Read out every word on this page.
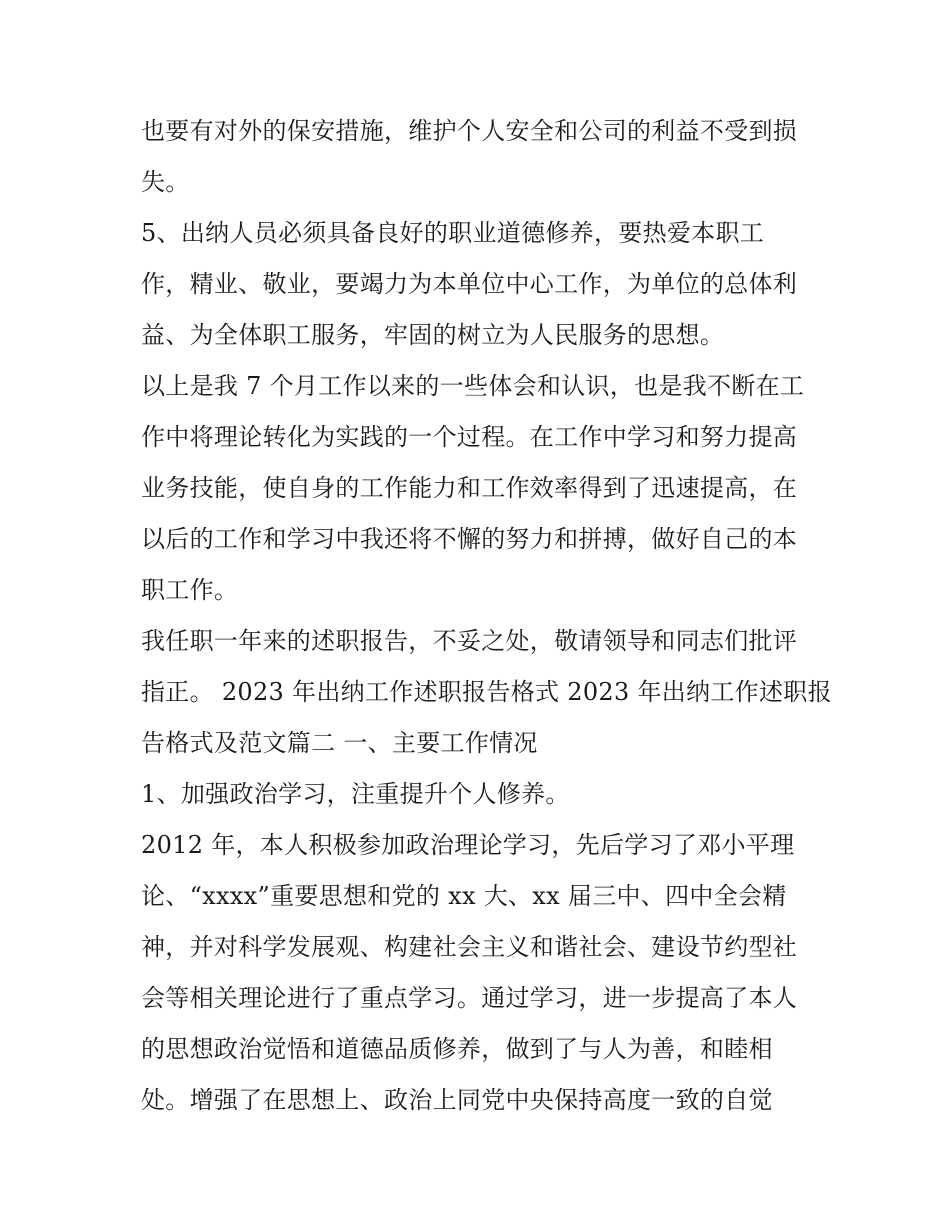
也要有对外的保安措施，维护个人安全和公司的利益不受到损
失。
5、出纳人员必须具备良好的职业道德修养，要热爱本职工
作，精业、敬业，要竭力为本单位中心工作，为单位的总体利
益、为全体职工服务，牢固的树立为人民服务的思想。
以上是我 7 个月工作以来的一些体会和认识，也是我不断在工
作中将理论转化为实践的一个过程。在工作中学习和努力提高
业务技能，使自身的工作能力和工作效率得到了迅速提高，在
以后的工作和学习中我还将不懈的努力和拼搏，做好自己的本
职工作。
我任职一年来的述职报告，不妥之处，敬请领导和同志们批评
指正。 2023 年出纳工作述职报告格式 2023 年出纳工作述职报
告格式及范文篇二 一、主要工作情况
1、加强政治学习，注重提升个人修养。
2012 年，本人积极参加政治理论学习，先后学习了邓小平理
论、“xxxx”重要思想和党的 xx 大、xx 届三中、四中全会精
神，并对科学发展观、构建社会主义和谐社会、建设节约型社
会等相关理论进行了重点学习。通过学习，进一步提高了本人
的思想政治觉悟和道德品质修养，做到了与人为善，和睦相
处。增强了在思想上、政治上同党中央保持高度一致的自觉
